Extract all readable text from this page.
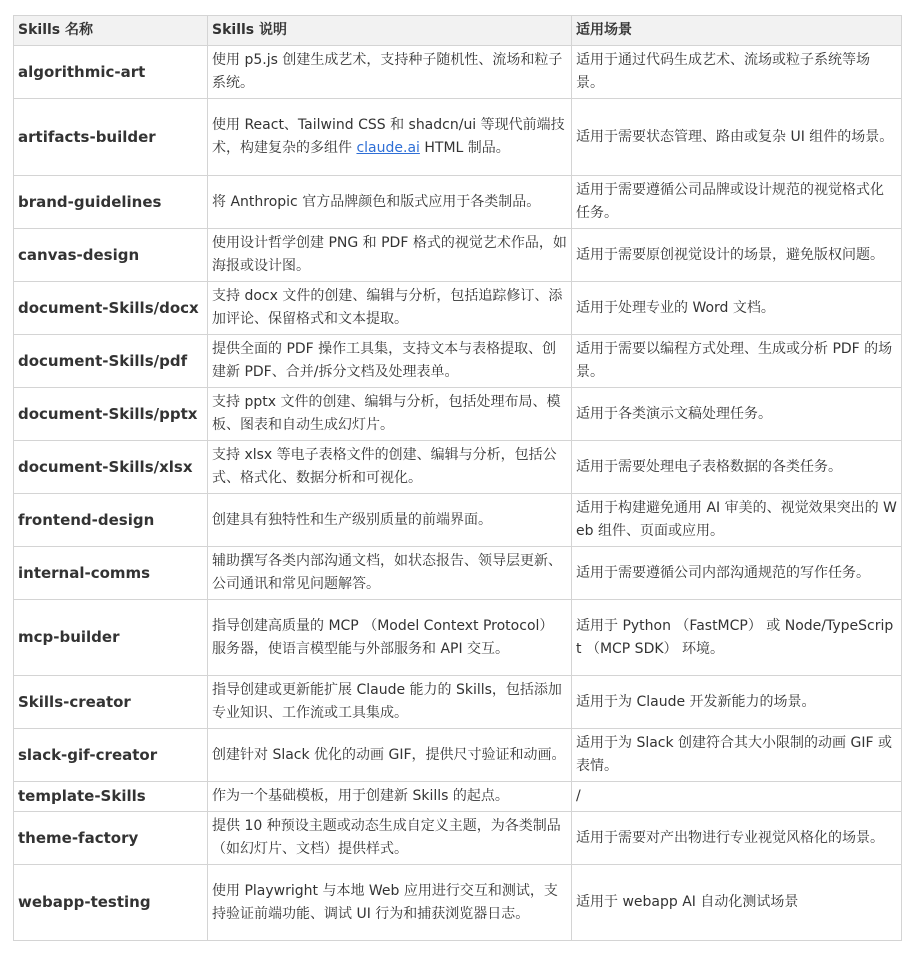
Skills 名称	Skills 说明	适用场景
algorithmic-art	使用 p5.js 创建生成艺术，支持种子随机性、流场和粒子系统。	适用于通过代码生成艺术、流场或粒子系统等场景。
artifacts-builder	使用 React、Tailwind CSS 和 shadcn/ui 等现代前端技术，构建复杂的多组件 claude.ai HTML 制品。	适用于需要状态管理、路由或复杂 UI 组件的场景。
brand-guidelines	将 Anthropic 官方品牌颜色和版式应用于各类制品。	适用于需要遵循公司品牌或设计规范的视觉格式化任务。
canvas-design	使用设计哲学创建 PNG 和 PDF 格式的视觉艺术作品，如海报或设计图。	适用于需要原创视觉设计的场景，避免版权问题。
document-Skills/docx	支持 docx 文件的创建、编辑与分析，包括追踪修订、添加评论、保留格式和文本提取。	适用于处理专业的 Word 文档。
document-Skills/pdf	提供全面的 PDF 操作工具集，支持文本与表格提取、创建新 PDF、合并/拆分文档及处理表单。	适用于需要以编程方式处理、生成或分析 PDF 的场景。
document-Skills/pptx	支持 pptx 文件的创建、编辑与分析，包括处理布局、模板、图表和自动生成幻灯片。	适用于各类演示文稿处理任务。
document-Skills/xlsx	支持 xlsx 等电子表格文件的创建、编辑与分析，包括公式、格式化、数据分析和可视化。	适用于需要处理电子表格数据的各类任务。
frontend-design	创建具有独特性和生产级别质量的前端界面。	适用于构建避免通用 AI 审美的、视觉效果突出的 Web 组件、页面或应用。
internal-comms	辅助撰写各类内部沟通文档，如状态报告、领导层更新、公司通讯和常见问题解答。	适用于需要遵循公司内部沟通规范的写作任务。
mcp-builder	指导创建高质量的 MCP （Model Context Protocol） 服务器，使语言模型能与外部服务和 API 交互。	适用于 Python （FastMCP） 或 Node/TypeScript （MCP SDK） 环境。
Skills-creator	指导创建或更新能扩展 Claude 能力的 Skills，包括添加专业知识、工作流或工具集成。	适用于为 Claude 开发新能力的场景。
slack-gif-creator	创建针对 Slack 优化的动画 GIF，提供尺寸验证和动画。	适用于为 Slack 创建符合其大小限制的动画 GIF 或表情。
template-Skills	作为一个基础模板，用于创建新 Skills 的起点。	/
theme-factory	提供 10 种预设主题或动态生成自定义主题，为各类制品（如幻灯片、文档）提供样式。	适用于需要对产出物进行专业视觉风格化的场景。
webapp-testing	使用 Playwright 与本地 Web 应用进行交互和测试，支持验证前端功能、调试 UI 行为和捕获浏览器日志。	适用于 webapp AI 自动化测试场景
